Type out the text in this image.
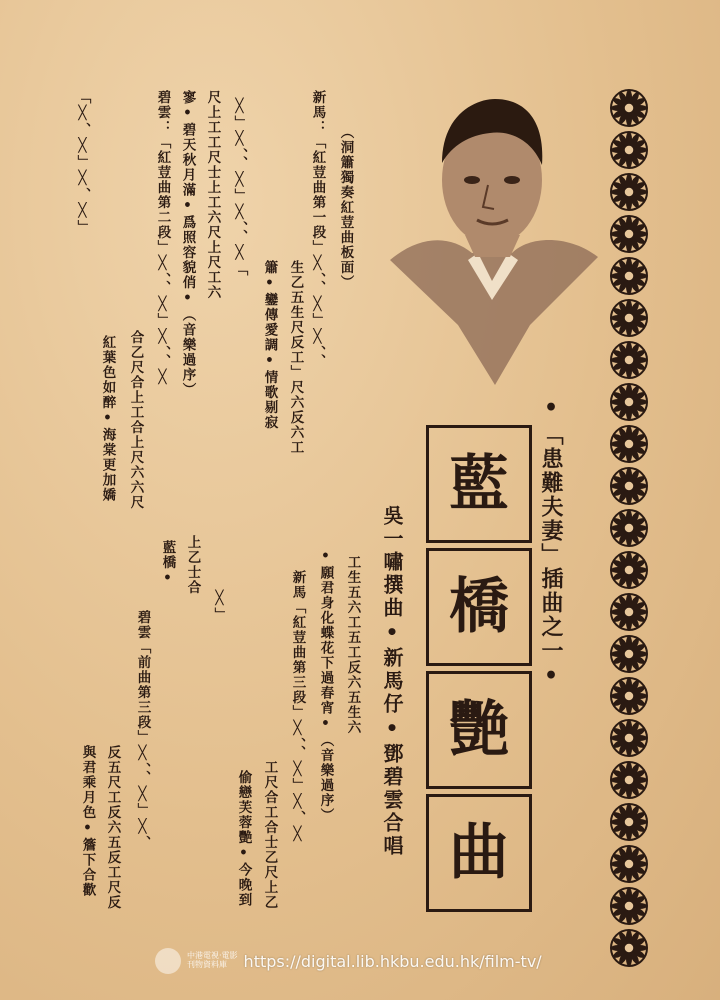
藍
橋
艷
曲
•「患難夫妻」插曲之一•
吳一嘯撰曲•新馬仔•鄧碧雲合唱
（洞簫獨奏紅荳曲板面）
新馬：「紅荳曲第一段」╳、、╳」╳、、
生乙五生尺反工」尺六反六工
簫•鑾傳愛調•情歌剔寂
╳」╳、、╳」╳、、╳「
尺上工工尺士上工六尺上尺工六
寥•碧天秋月滿•爲照容貌俏•（音樂過序）
碧雲：「紅荳曲第二段」╳、、╳」╳、、╳
合乙尺合上工合上尺六六尺
紅葉色如醉•海棠更加嬌
「╳、╳」╳、╳」
╳」
上乙士合
藍橋•
碧雲「前曲第三段」╳、、╳」╳、
反五尺工反六五反工尺反
與君乘月色•簷下合歡
工生五六工五工反六五生六
•願君身化蝶花下過春宵•（音樂過序）
新馬「紅荳曲第三段」╳、、╳」╳、╳
工尺合工合士乙尺上乙
偷戀芙蓉艷•今晚到
中港電視·電影
刊物資料庫	https://digital.lib.hkbu.edu.hk/film-tv/
